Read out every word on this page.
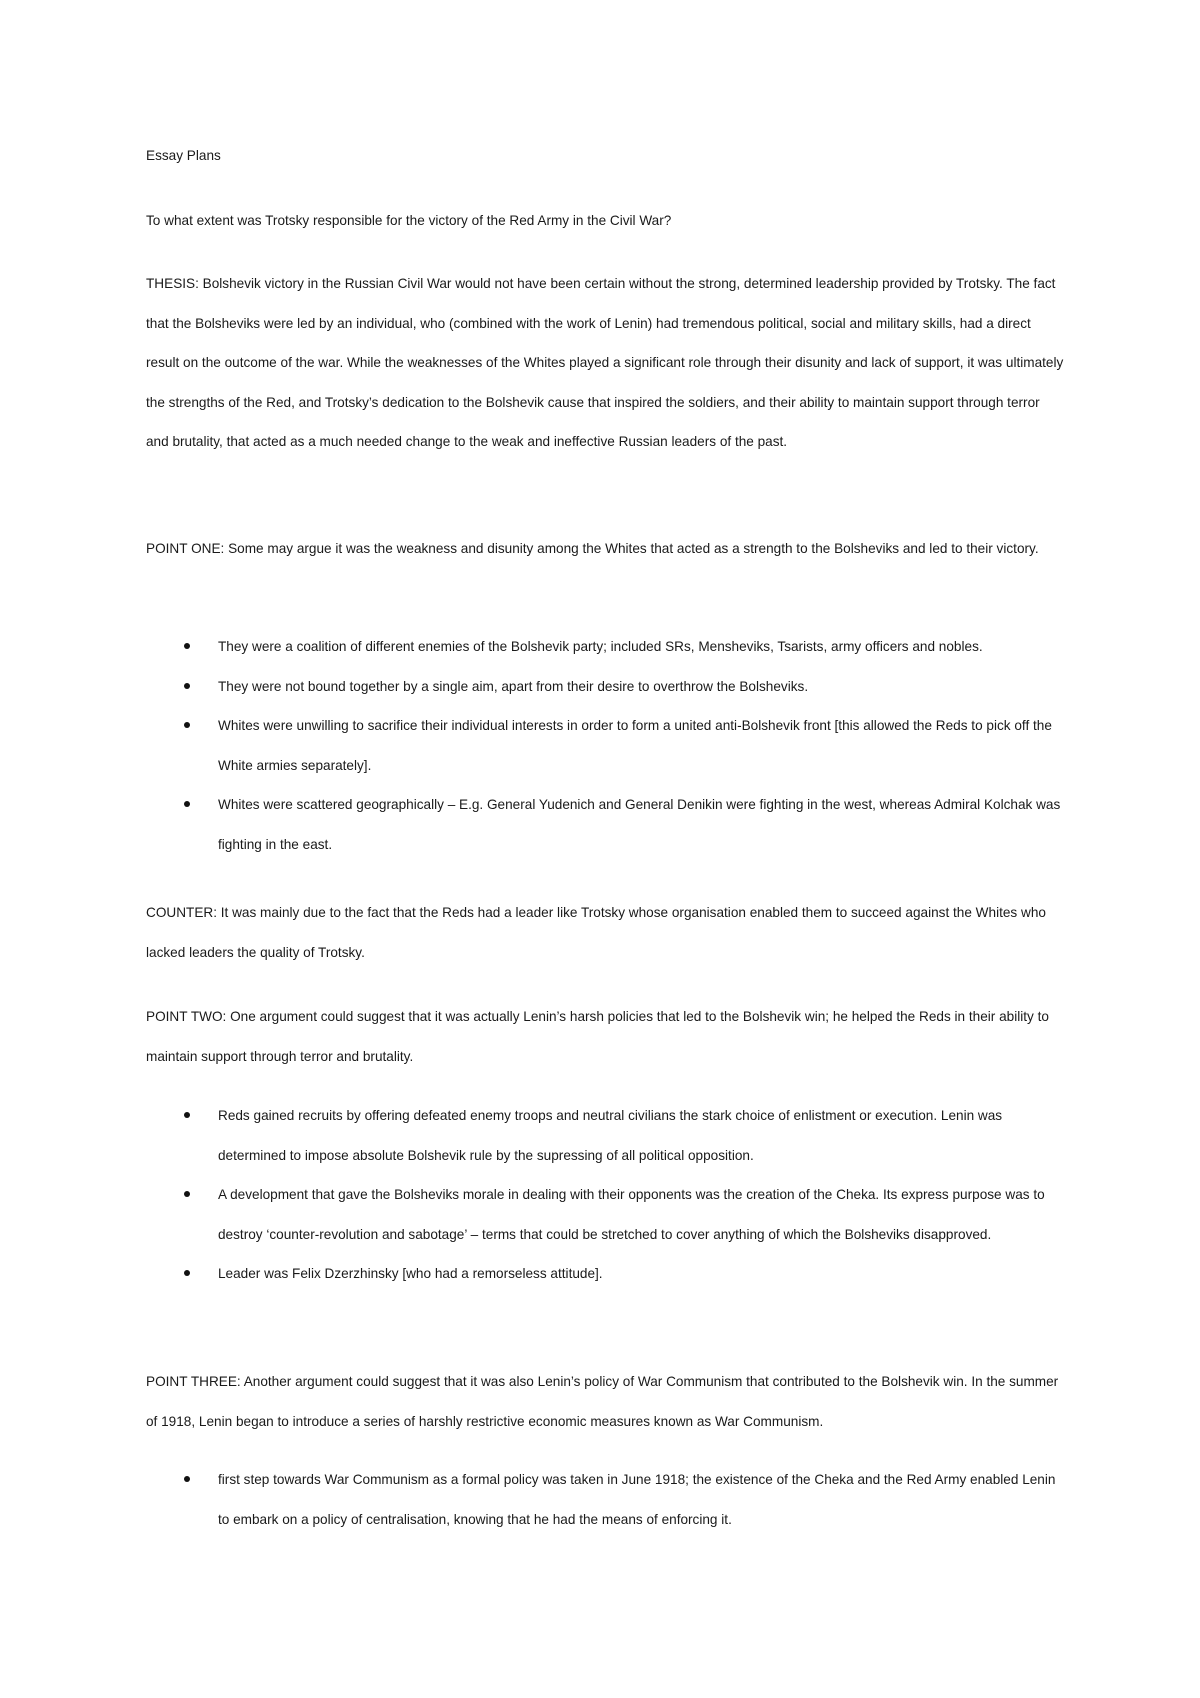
Essay Plans

To what extent was Trotsky responsible for the victory of the Red Army in the Civil War?

THESIS: Bolshevik victory in the Russian Civil War would not have been certain without the strong, determined leadership provided by Trotsky. The fact that the Bolsheviks were led by an individual, who (combined with the work of Lenin) had tremendous political, social and military skills, had a direct result on the outcome of the war. While the weaknesses of the Whites played a significant role through their disunity and lack of support, it was ultimately the strengths of the Red, and Trotsky’s dedication to the Bolshevik cause that inspired the soldiers, and their ability to maintain support through terror and brutality, that acted as a much needed change to the weak and ineffective Russian leaders of the past.

POINT ONE: Some may argue it was the weakness and disunity among the Whites that acted as a strength to the Bolsheviks and led to their victory.

They were a coalition of different enemies of the Bolshevik party; included SRs, Mensheviks, Tsarists, army officers and nobles.
They were not bound together by a single aim, apart from their desire to overthrow the Bolsheviks.
Whites were unwilling to sacrifice their individual interests in order to form a united anti-Bolshevik front [this allowed the Reds to pick off the White armies separately].
Whites were scattered geographically – E.g. General Yudenich and General Denikin were fighting in the west, whereas Admiral Kolchak was fighting in the east.

COUNTER: It was mainly due to the fact that the Reds had a leader like Trotsky whose organisation enabled them to succeed against the Whites who lacked leaders the quality of Trotsky.

POINT TWO: One argument could suggest that it was actually Lenin’s harsh policies that led to the Bolshevik win; he helped the Reds in their ability to maintain support through terror and brutality.

Reds gained recruits by offering defeated enemy troops and neutral civilians the stark choice of enlistment or execution. Lenin was determined to impose absolute Bolshevik rule by the supressing of all political opposition.
A development that gave the Bolsheviks morale in dealing with their opponents was the creation of the Cheka. Its express purpose was to destroy ‘counter-revolution and sabotage’ – terms that could be stretched to cover anything of which the Bolsheviks disapproved.
Leader was Felix Dzerzhinsky [who had a remorseless attitude].

POINT THREE: Another argument could suggest that it was also Lenin’s policy of War Communism that contributed to the Bolshevik win. In the summer of 1918, Lenin began to introduce a series of harshly restrictive economic measures known as War Communism.

first step towards War Communism as a formal policy was taken in June 1918; the existence of the Cheka and the Red Army enabled Lenin to embark on a policy of centralisation, knowing that he had the means of enforcing it.
